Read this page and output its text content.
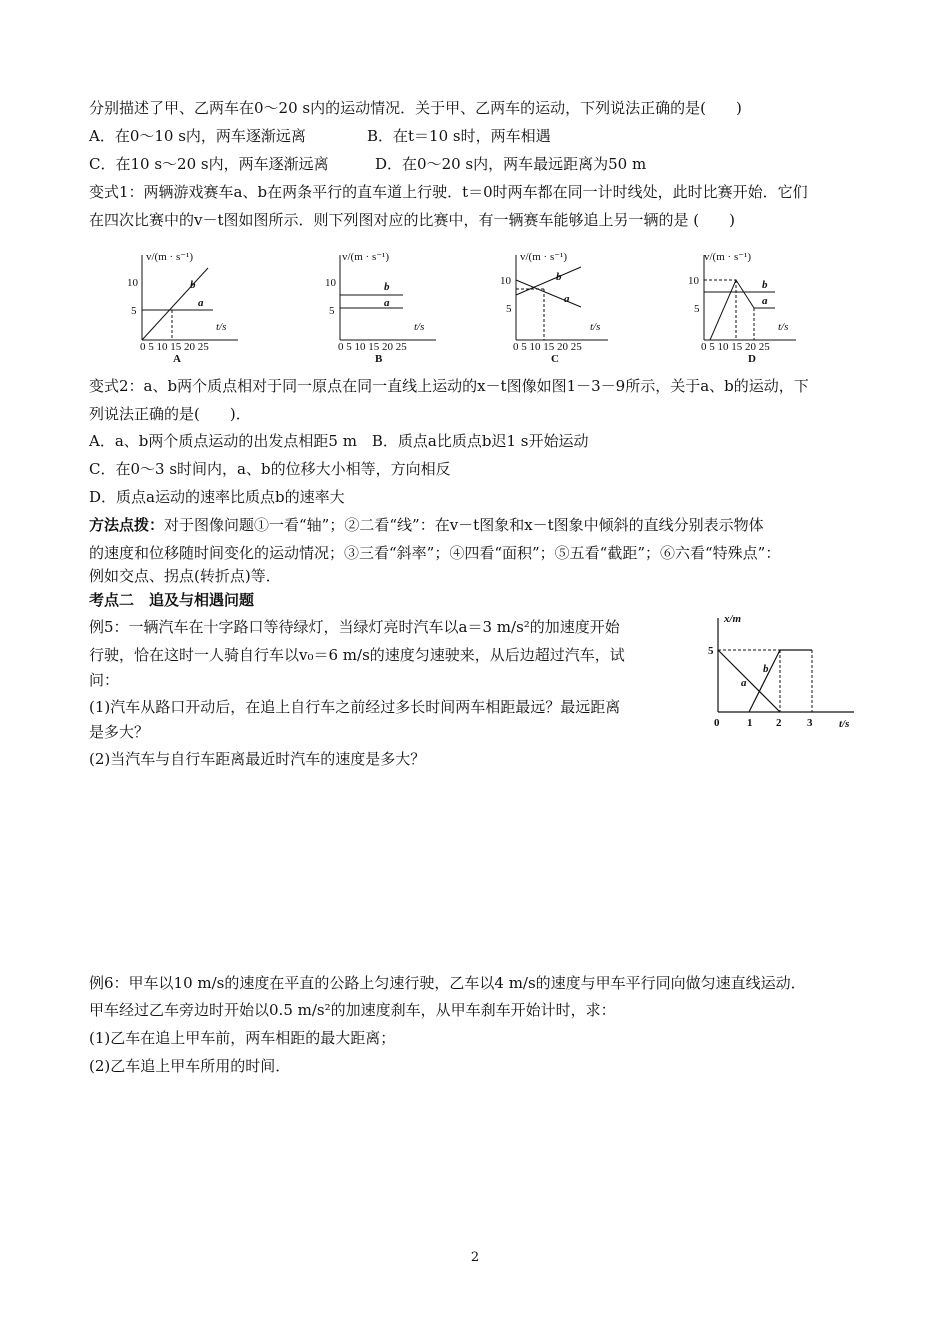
分别描述了甲、乙两车在0～20 s内的运动情况．关于甲、乙两车的运动，下列说法正确的是(　　)
A．在0～10 s内，两车逐渐远离	B．在t＝10 s时，两车相遇
C．在10 s～20 s内，两车逐渐远离	D．在0～20 s内，两车最远距离为50 m
变式1：两辆游戏赛车a、b在两条平行的直车道上行驶．t＝0时两车都在同一计时线处，此时比赛开始．它们
在四次比赛中的v－t图如图所示．则下列图对应的比赛中，有一辆赛车能够追上另一辆的是 (　　)
v/(m · s⁻¹)
10
5
t/s
0 5 10 15 20 25
A
a
b
v/(m · s⁻¹)
10
5
t/s
0 5 10 15 20 25
B
a
b
v/(m · s⁻¹)
10
5
t/s
0 5 10 15 20 25
C
a
b
v/(m · s⁻¹)
10
5
t/s
0 5 10 15 20 25
D
a
b
变式2：a、b两个质点相对于同一原点在同一直线上运动的x－t图像如图1－3－9所示，关于a、b的运动，下
列说法正确的是(　　)．
A．a、b两个质点运动的出发点相距5 m　B．质点a比质点b迟1 s开始运动
C．在0～3 s时间内，a、b的位移大小相等，方向相反
D．质点a运动的速率比质点b的速率大
方法点拨：对于图像问题①一看“轴”；②二看“线”：在v－t图象和x－t图象中倾斜的直线分别表示物体
的速度和位移随时间变化的运动情况；③三看“斜率”；④四看“面积”；⑤五看“截距”；⑥六看“特殊点”：
例如交点、拐点(转折点)等．
考点二　追及与相遇问题
例5：一辆汽车在十字路口等待绿灯，当绿灯亮时汽车以a＝3 m/s²的加速度开始
行驶，恰在这时一人骑自行车以v₀＝6 m/s的速度匀速驶来，从后边超过汽车，试
问：
(1)汽车从路口开动后，在追上自行车之前经过多长时间两车相距最远？最远距离
是多大？
(2)当汽车与自行车距离最近时汽车的速度是多大？
x/m
t/s
5
0	1 2 3
a
b
例6：甲车以10 m/s的速度在平直的公路上匀速行驶，乙车以4 m/s的速度与甲车平行同向做匀速直线运动．
甲车经过乙车旁边时开始以0.5 m/s²的加速度刹车，从甲车刹车开始计时，求：
(1)乙车在追上甲车前，两车相距的最大距离；
(2)乙车追上甲车所用的时间．
2
